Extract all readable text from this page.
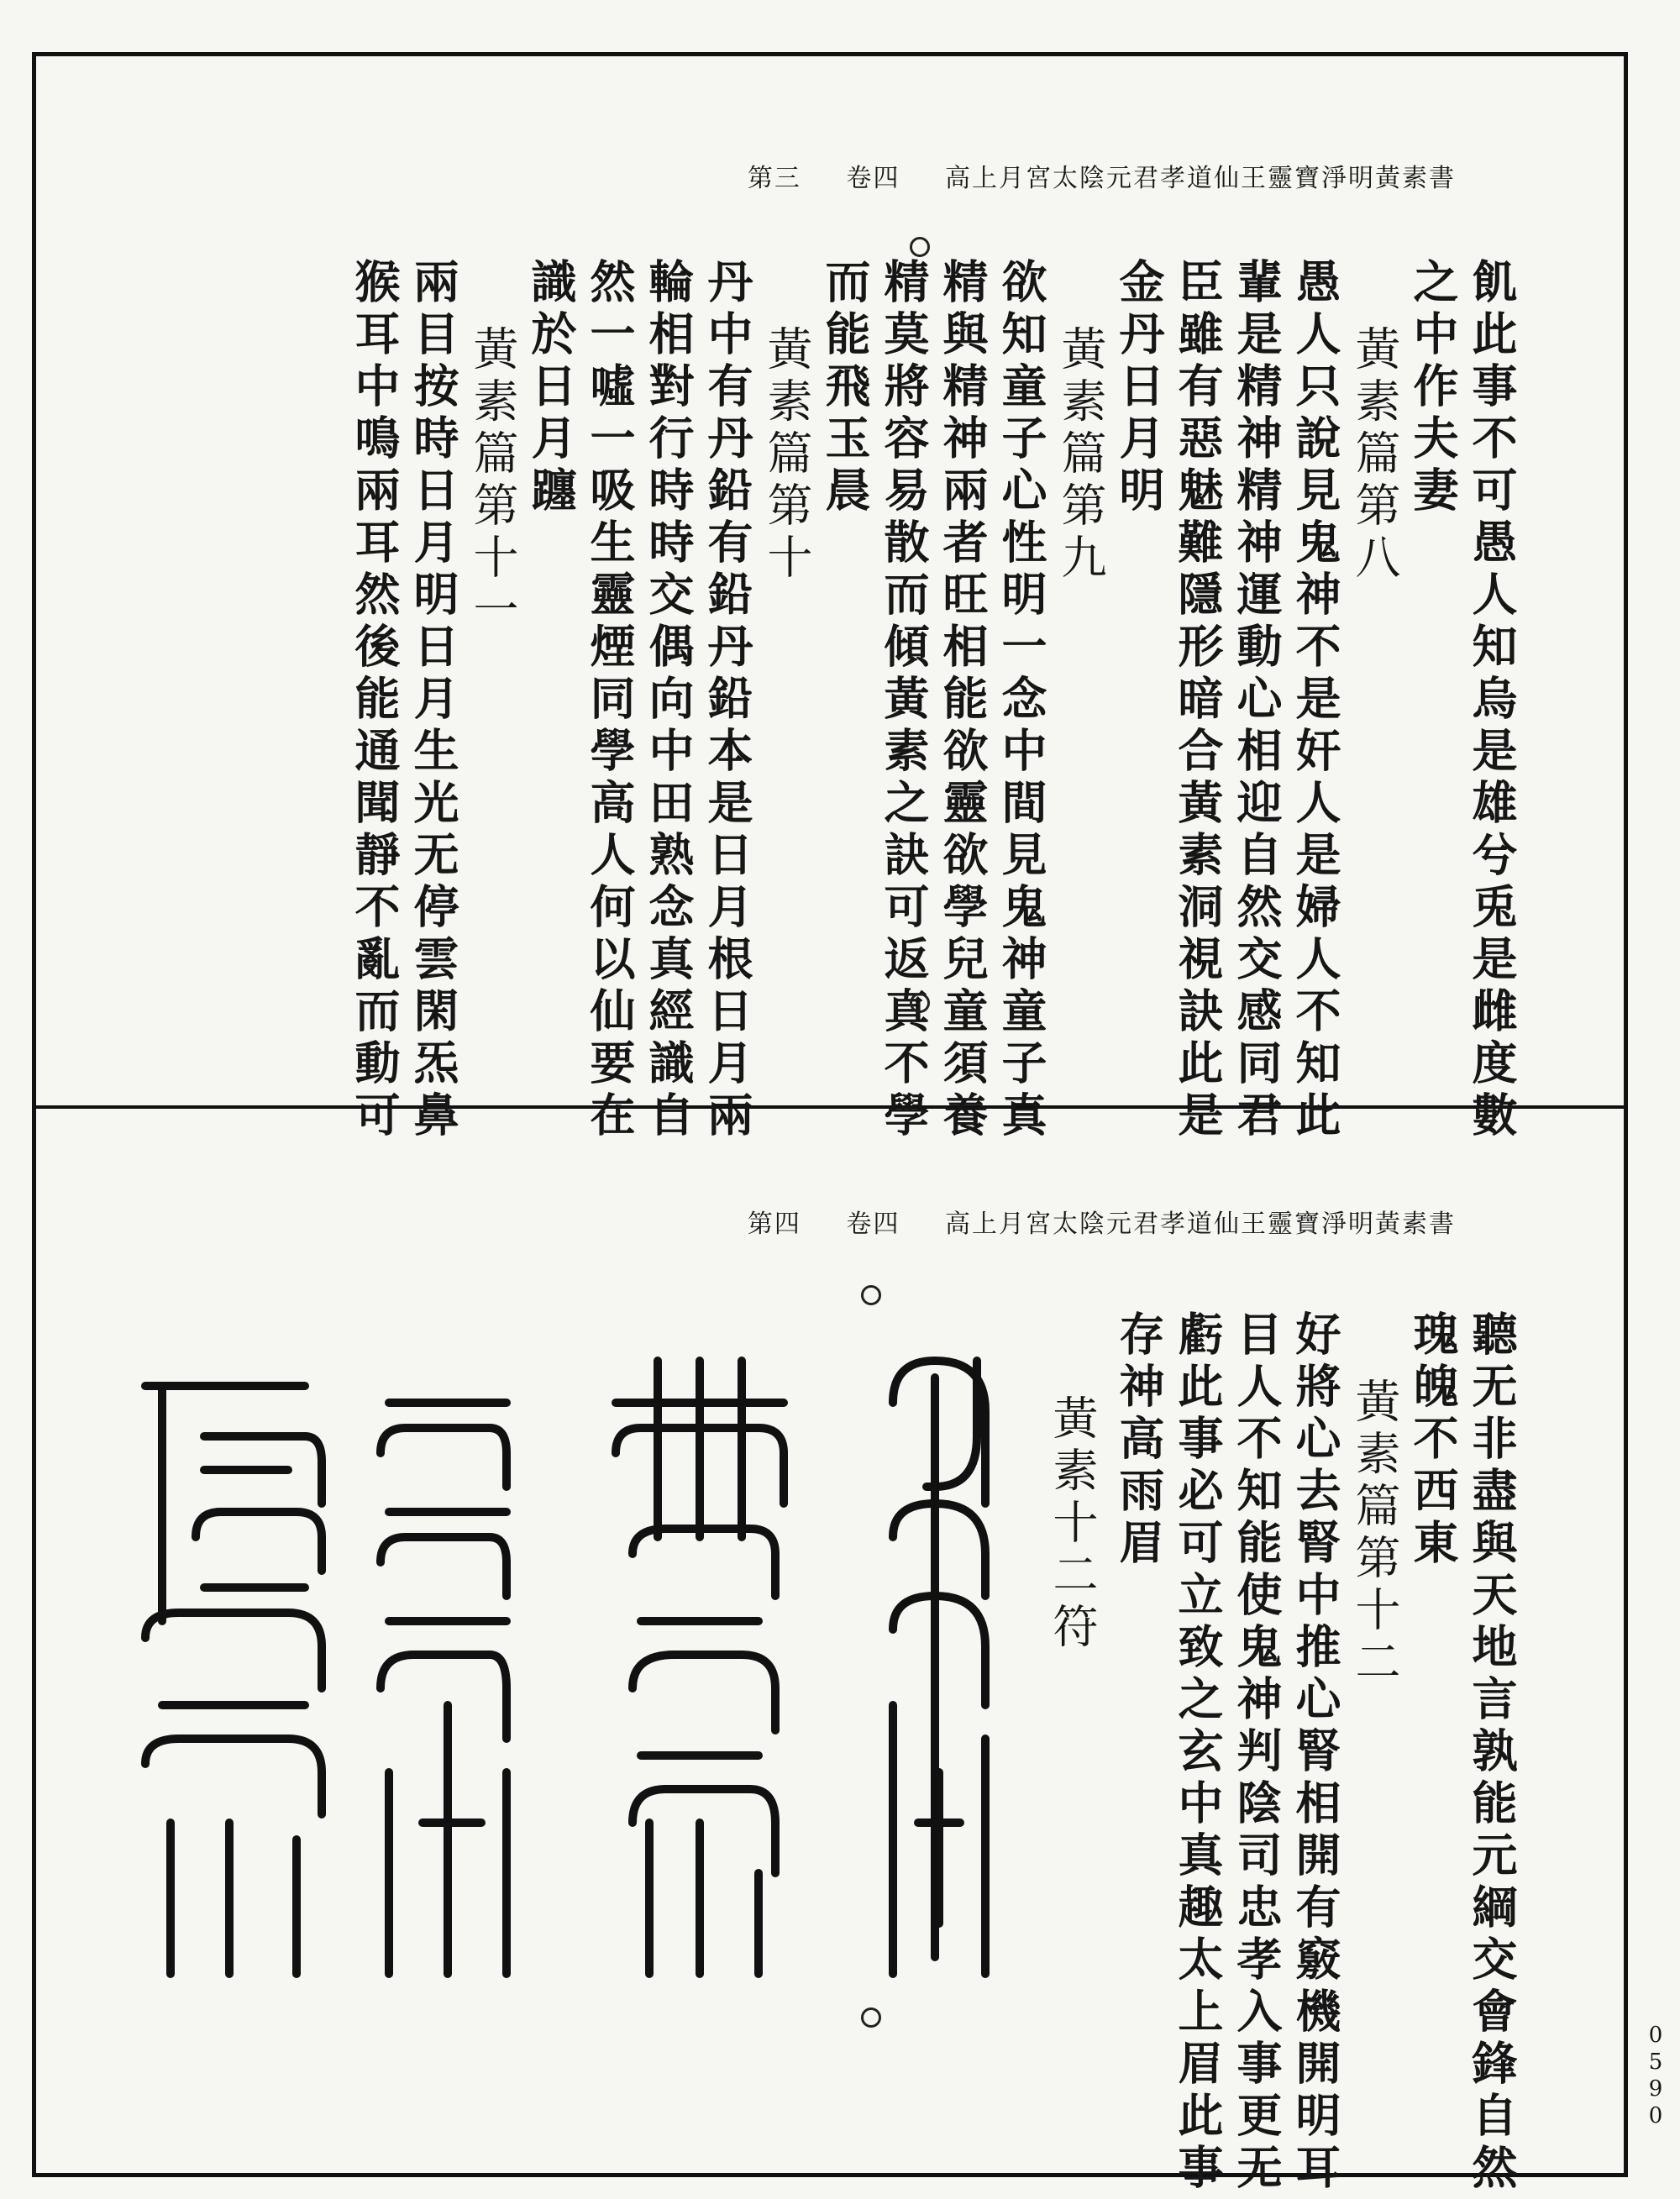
第三 卷四 高上月宮太陰元君孝道仙王靈寶淨明黃素書
飢此事不可愚人知烏是雄兮兎是雌度數
之中作夫妻
黃素篇第八
愚人只說見鬼神不是奸人是婦人不知此
輩是精神精神運動心相迎自然交感同君
臣雖有惡魅難隱形暗合黃素洞視訣此是
金丹日月明
黃素篇第九
欲知童子心性明一念中間見鬼神童子真
精與精神兩者旺相能欲靈欲學兒童須養
精莫將容易散而傾黃素之訣可返真不學
而能飛玉晨
黃素篇第十
丹中有丹鉛有鉛丹鉛本是日月根日月兩
輪相對行時時交偶向中田熟念真經識自
然一噓一吸生靈煙同學高人何以仙要在
識於日月躔
黃素篇第十一
兩目按時日月明日月生光无停雲閑炁鼻
猴耳中鳴兩耳然後能通聞靜不亂而動可
第四 卷四 高上月宮太陰元君孝道仙王靈寶淨明黃素書
聽无非盡與天地言孰能元綱交會鋒自然
瑰魄不西東
黃素篇第十二
好將心去腎中推心腎相開有竅機開明耳
目人不知能使鬼神判陰司忠孝入事更无
虧此事必可立致之玄中真趣太上眉此事
存神高雨眉
黃素十二符
0590
